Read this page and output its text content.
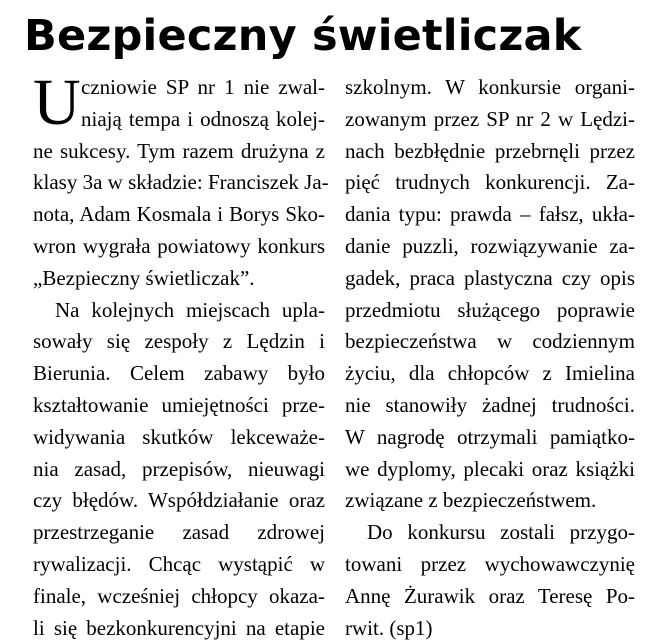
Bezpieczny świetliczak
U czniowie SP nr 1 nie zwal-
niają tempa i odnoszą kolej-
ne sukcesy. Tym razem drużyna z
klasy 3a w składzie: Franciszek Ja-
nota, Adam Kosmala i Borys Sko-
wron wygrała powiatowy konkurs
„Bezpieczny świetliczak”.
Na kolejnych miejscach upla-
sowały się zespoły z Lędzin i
Bierunia. Celem zabawy było
kształtowanie umiejętności prze-
widywania skutków lekceważe-
nia zasad, przepisów, nieuwagi
czy błędów. Współdziałanie oraz
przestrzeganie zasad zdrowej
rywalizacji. Chcąc wystąpić w
finale, wcześniej chłopcy okaza-
li się bezkonkurencyjni na etapie
szkolnym. W konkursie organi-
zowanym przez SP nr 2 w Lędzi-
nach bezbłędnie przebrnęli przez
pięć trudnych konkurencji. Za-
dania typu: prawda – fałsz, ukła-
danie puzzli, rozwiązywanie za-
gadek, praca plastyczna czy opis
przedmiotu służącego poprawie
bezpieczeństwa w codziennym
życiu, dla chłopców z Imielina
nie stanowiły żadnej trudności.
W nagrodę otrzymali pamiątko-
we dyplomy, plecaki oraz książki
związane z bezpieczeństwem.
Do konkursu zostali przygo-
towani przez wychowawczynię
Annę Żurawik oraz Teresę Po-
rwit. (sp1)
